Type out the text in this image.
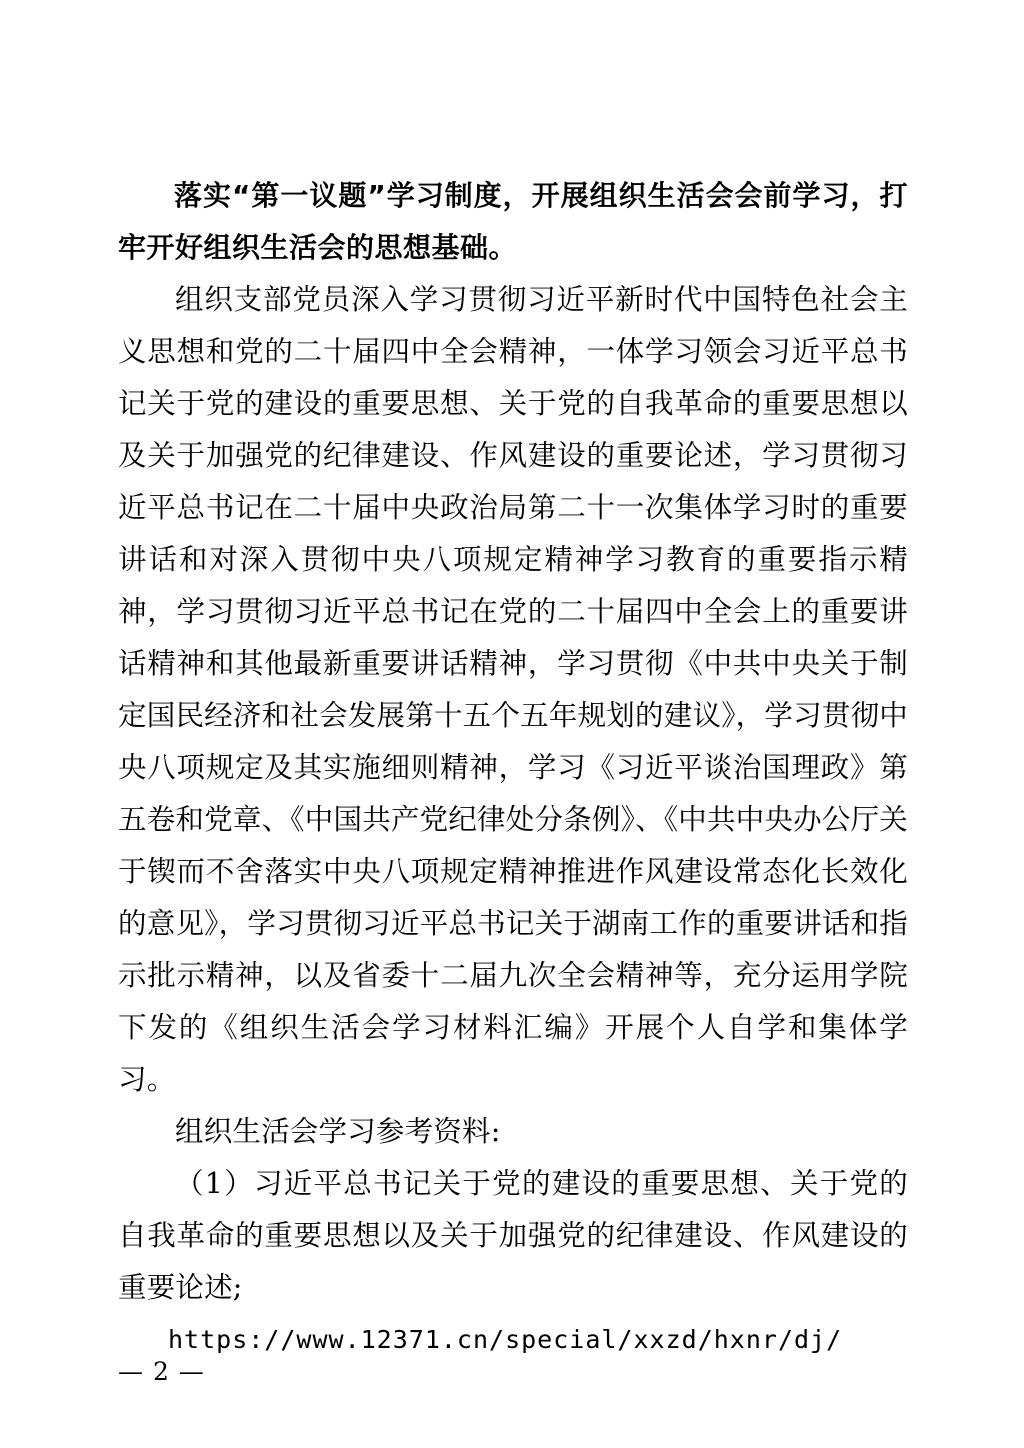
落实“第一议题”学习制度，开展组织生活会会前学习，打牢开好组织生活会的思想基础。

组织支部党员深入学习贯彻习近平新时代中国特色社会主义思想和党的二十届四中全会精神，一体学习领会习近平总书记关于党的建设的重要思想、关于党的自我革命的重要思想以及关于加强党的纪律建设、作风建设的重要论述，学习贯彻习近平总书记在二十届中央政治局第二十一次集体学习时的重要讲话和对深入贯彻中央八项规定精神学习教育的重要指示精神，学习贯彻习近平总书记在党的二十届四中全会上的重要讲话精神和其他最新重要讲话精神，学习贯彻《中共中央关于制定国民经济和社会发展第十五个五年规划的建议》，学习贯彻中央八项规定及其实施细则精神，学习《习近平谈治国理政》第五卷和党章、《中国共产党纪律处分条例》、《中共中央办公厅关于锲而不舍落实中央八项规定精神推进作风建设常态化长效化的意见》，学习贯彻习近平总书记关于湖南工作的重要讲话和指示批示精神，以及省委十二届九次全会精神等，充分运用学院下发的《组织生活会学习材料汇编》开展个人自学和集体学习。

组织生活会学习参考资料:

（1）习近平总书记关于党的建设的重要思想、关于党的自我革命的重要思想以及关于加强党的纪律建设、作风建设的重要论述;

https://www.12371.cn/special/xxzd/hxnr/dj/

— 2 —
